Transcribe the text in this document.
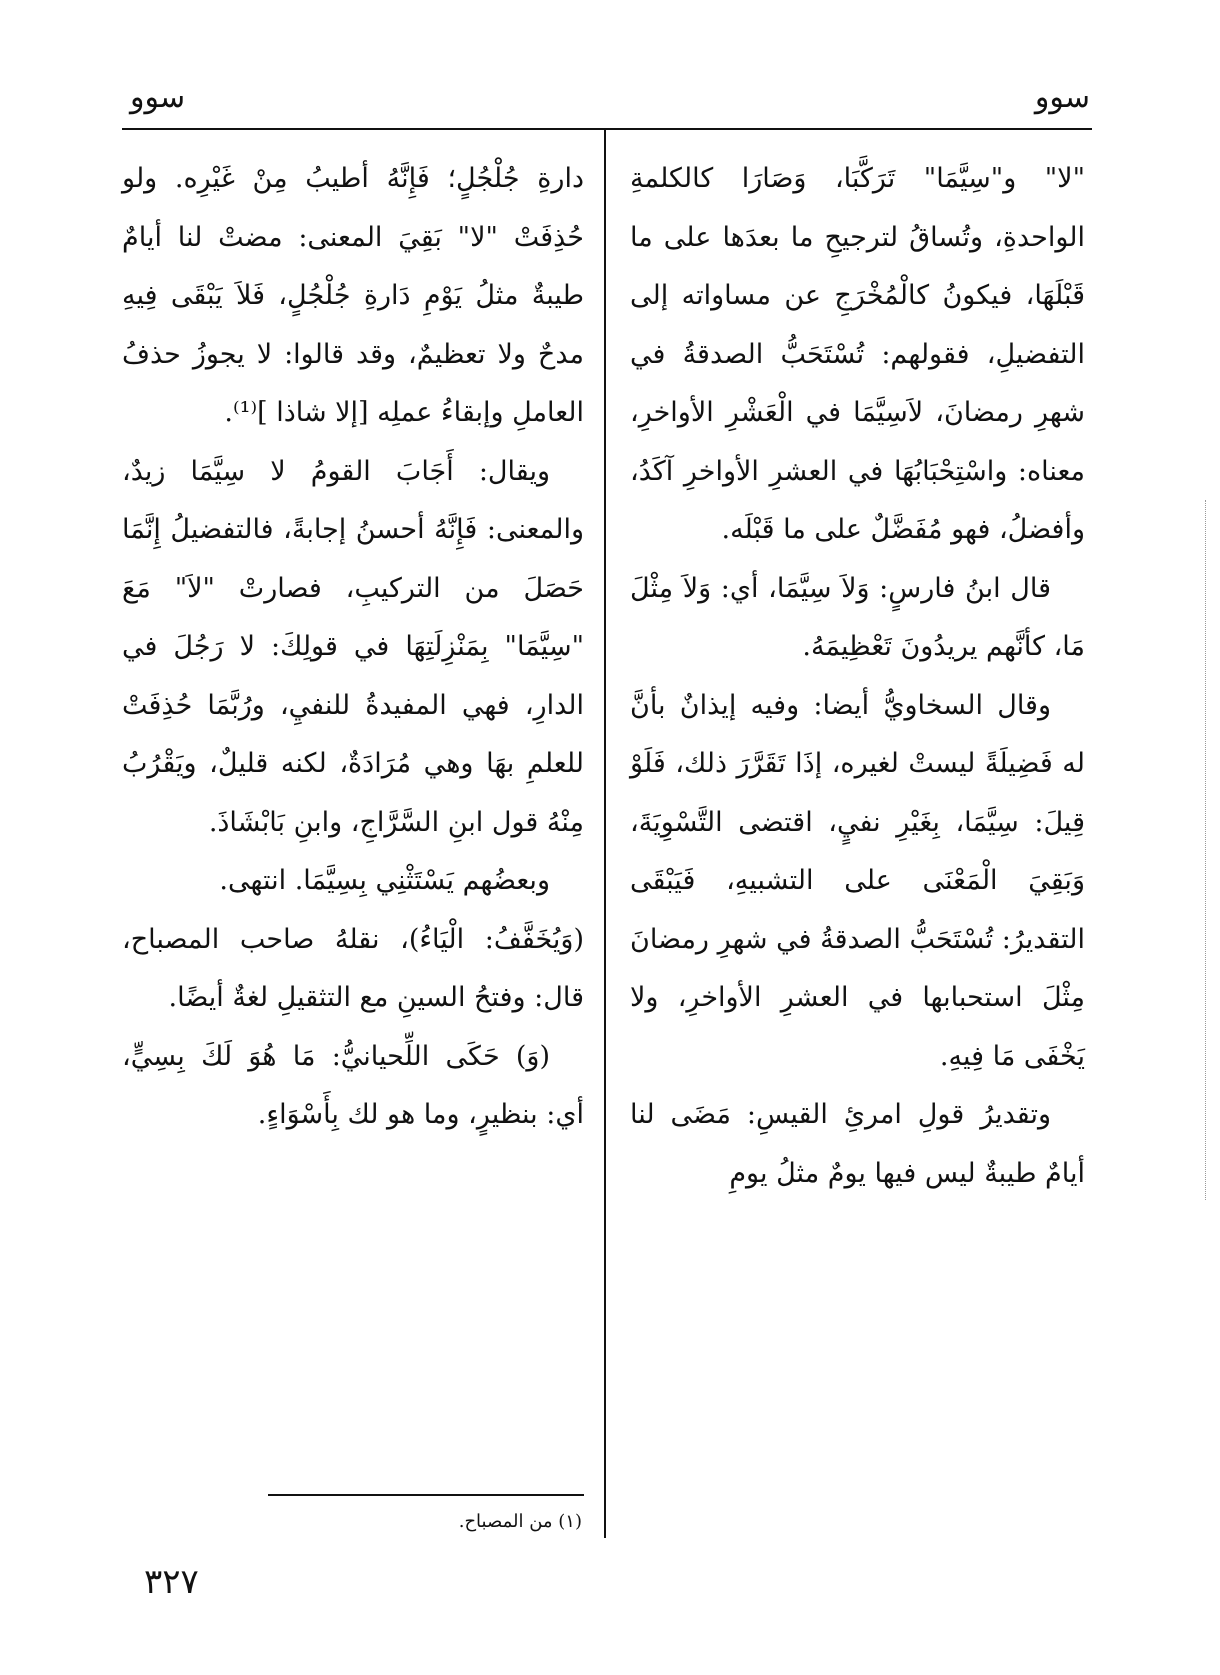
سوو
سوو

"لا" و"سِيَّمَا" تَرَكَّبَا، وَصَارَا كالكلمةِ الواحدةِ، وتُساقُ لترجيحِ ما بعدَها على ما قَبْلَهَا، فيكونُ كالْمُخْرَجِ عن مساواته إلى التفضيلِ، فقولهم: تُسْتَحَبُّ الصدقةُ في شهرِ رمضانَ، لاَسِيَّمَا في الْعَشْرِ الأواخرِ، معناه: واسْتِحْبَابُهَا في العشرِ الأواخرِ آكَدُ، وأفضلُ، فهو مُفَضَّلٌ على ما قَبْلَه.

قال ابنُ فارسٍ: وَلاَ سِيَّمَا، أي: وَلاَ مِثْلَ مَا، كأنَّهم يريدُونَ تَعْظِيمَهُ.

وقال السخاويُّ أيضا: وفيه إيذانٌ بأنَّ له فَضِيلَةً ليستْ لغيره، إذَا تَقَرَّرَ ذلك، فَلَوْ قِيلَ: سِيَّمَا، بِغَيْرِ نفيٍ، اقتضى التَّسْوِيَةَ، وَبَقِيَ الْمَعْنَى على التشبيهِ، فَيَبْقَى التقديرُ: تُسْتَحَبُّ الصدقةُ في شهرِ رمضانَ مِثْلَ استحبابها في العشرِ الأواخرِ، ولا يَخْفَى مَا فِيهِ.

وتقديرُ قولِ امرئِ القيسِ: مَضَى لنا أيامٌ طيبةٌ ليس فيها يومٌ مثلُ يومِ

دارةِ جُلْجُلٍ؛ فَإِنَّهُ أطيبُ مِنْ غَيْرِه. ولو حُذِفَتْ "لا" بَقِيَ المعنى: مضتْ لنا أيامٌ طيبةٌ مثلُ يَوْمِ دَارةِ جُلْجُلٍ، فَلاَ يَبْقَى فِيهِ مدحٌ ولا تعظيمٌ، وقد قالوا: لا يجوزُ حذفُ العاملِ وإبقاءُ عملِه [إلا شاذا ]⁽¹⁾.

ويقال: أَجَابَ القومُ لا سِيَّمَا زيدٌ، والمعنى: فَإِنَّهُ أحسنُ إجابةً، فالتفضيلُ إِنَّمَا حَصَلَ من التركيبِ، فصارتْ "لاَ" مَعَ "سِيَّمَا" بِمَنْزِلَتِهَا في قولِكَ: لا رَجُلَ في الدارِ، فهي المفيدةُ للنفيِ، ورُبَّمَا حُذِفَتْ للعلمِ بهَا وهي مُرَادَةٌ، لكنه قليلٌ، ويَقْرُبُ مِنْهُ قول ابنِ السَّرَّاجِ، وابنِ بَابْشَاذَ.

وبعضُهم يَسْتَثْنِي بِسِيَّمَا. انتهى.

(وَيُخَفَّفُ: الْيَاءُ)، نقلهُ صاحب المصباح، قال: وفتحُ السينِ مع التثقيلِ لغةٌ أيضًا.

(وَ) حَكَى اللِّحيانيُّ: مَا هُوَ لَكَ بِسِيٍّ، أي: بنظيرٍ، وما هو لك بِأَسْوَاءٍ.

(١) من المصباح.
٣٢٧
